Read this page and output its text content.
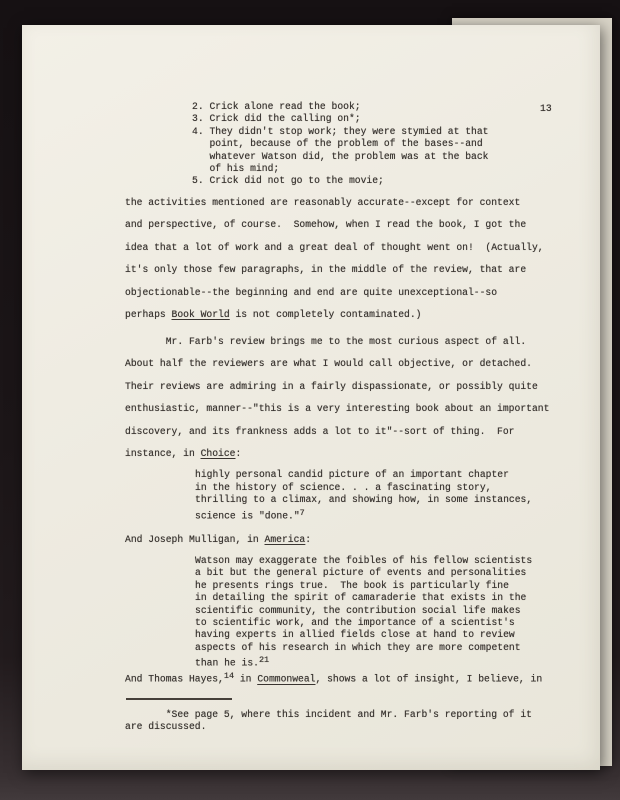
13
2. Crick alone read the book;
3. Crick did the calling on*;
4. They didn't stop work; they were stymied at that
point, because of the problem of the bases--and
whatever Watson did, the problem was at the back
of his mind;
5. Crick did not go to the movie;
the activities mentioned are reasonably accurate--except for context
and perspective, of course.  Somehow, when I read the book, I got the
idea that a lot of work and a great deal of thought went on!  (Actually,
it's only those few paragraphs, in the middle of the review, that are
objectionable--the beginning and end are quite unexceptional--so
perhaps Book World is not completely contaminated.)
Mr. Farb's review brings me to the most curious aspect of all.
About half the reviewers are what I would call objective, or detached.
Their reviews are admiring in a fairly dispassionate, or possibly quite
enthusiastic, manner--"this is a very interesting book about an important
discovery, and its frankness adds a lot to it"--sort of thing.  For
instance, in Choice:
highly personal candid picture of an important chapter
in the history of science. . . a fascinating story,
thrilling to a climax, and showing how, in some instances,
science is "done."7
And Joseph Mulligan, in America:
Watson may exaggerate the foibles of his fellow scientists
a bit but the general picture of events and personalities
he presents rings true.  The book is particularly fine
in detailing the spirit of camaraderie that exists in the
scientific community, the contribution social life makes
to scientific work, and the importance of a scientist's
having experts in allied fields close at hand to review
aspects of his research in which they are more competent
than he is.21
And Thomas Hayes,14 in Commonweal, shows a lot of insight, I believe, in
*See page 5, where this incident and Mr. Farb's reporting of it
are discussed.
